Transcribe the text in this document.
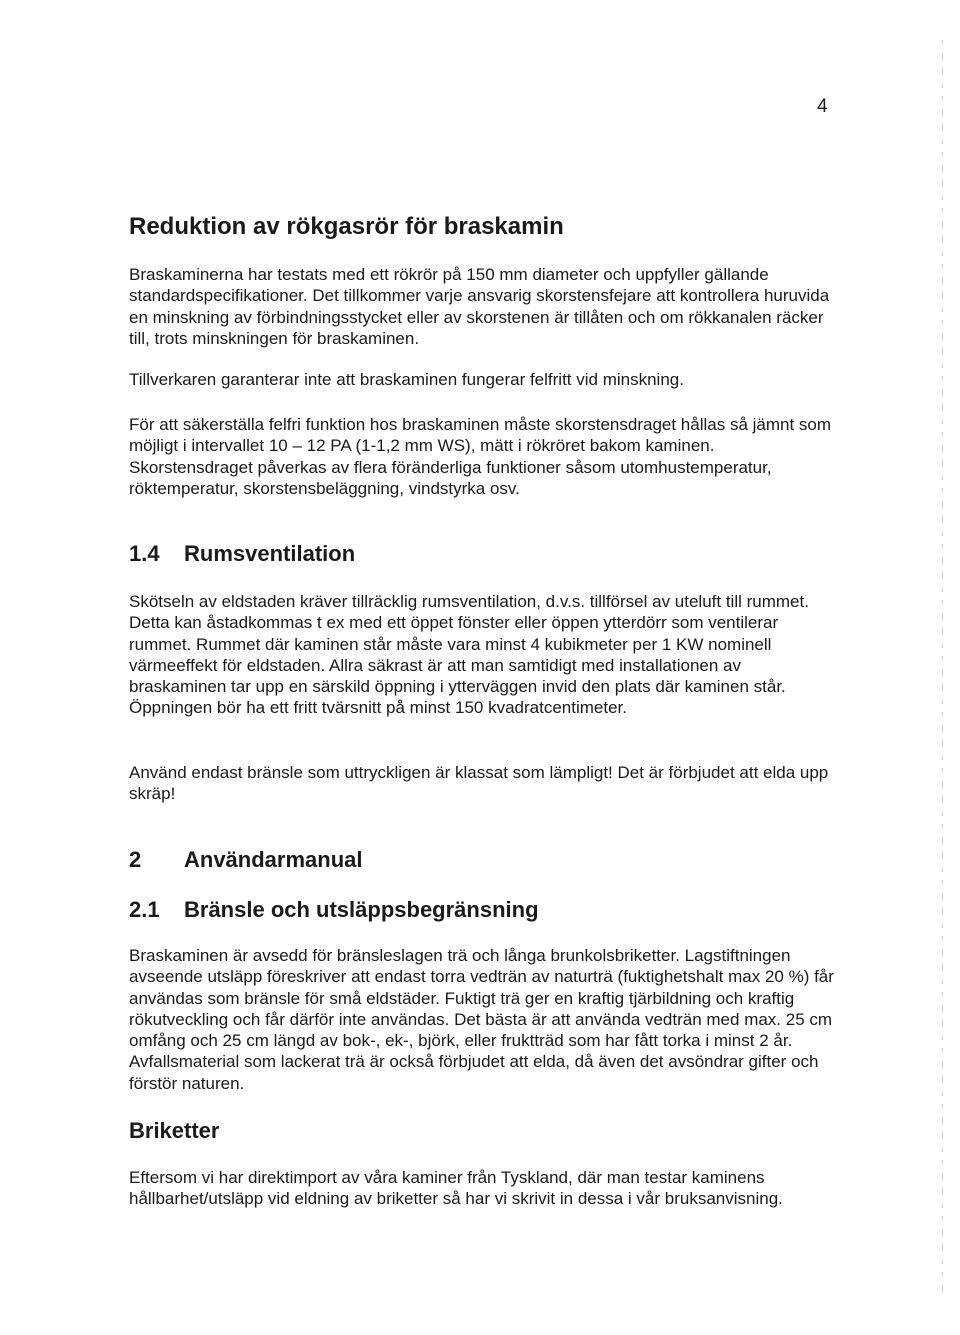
4

Reduktion av rökgasrör för braskamin

Braskaminerna har testats med ett rökrör på 150 mm diameter och uppfyller gällande standardspecifikationer. Det tillkommer varje ansvarig skorstensfejare att kontrollera huruvida en minskning av förbindningsstycket eller av skorstenen är tillåten och om rökkanalen räcker till, trots minskningen för braskaminen.

Tillverkaren garanterar inte att braskaminen fungerar felfritt vid minskning.

För att säkerställa felfri funktion hos braskaminen måste skorstensdraget hållas så jämnt som möjligt i intervallet 10 – 12 PA (1-1,2 mm WS), mätt i rökröret bakom kaminen. Skorstensdraget påverkas av flera föränderliga funktioner såsom utomhustemperatur, röktemperatur, skorstensbeläggning, vindstyrka osv.

1.4 Rumsventilation

Skötseln av eldstaden kräver tillräcklig rumsventilation, d.v.s. tillförsel av uteluft till rummet. Detta kan åstadkommas t ex med ett öppet fönster eller öppen ytterdörr som ventilerar rummet. Rummet där kaminen står måste vara minst 4 kubikmeter per 1 KW nominell värmeeffekt för eldstaden. Allra säkrast är att man samtidigt med installationen av braskaminen tar upp en särskild öppning i ytterväggen invid den plats där kaminen står. Öppningen bör ha ett fritt tvärsnitt på minst 150 kvadratcentimeter.

Använd endast bränsle som uttryckligen är klassat som lämpligt! Det är förbjudet att elda upp skräp!

2 Användarmanual
2.1 Bränsle och utsläppsbegränsning

Braskaminen är avsedd för bränsleslagen trä och långa brunkolsbriketter. Lagstiftningen avseende utsläpp föreskriver att endast torra vedträn av naturträ (fuktighetshalt max 20 %) får användas som bränsle för små eldstäder. Fuktigt trä ger en kraftig tjärbildning och kraftig rökutveckling och får därför inte användas. Det bästa är att använda vedträn med max. 25 cm omfång och 25 cm längd av bok-, ek-, björk, eller fruktträd som har fått torka i minst 2 år. Avfallsmaterial som lackerat trä är också förbjudet att elda, då även det avsöndrar gifter och förstör naturen.

Briketter

Eftersom vi har direktimport av våra kaminer från Tyskland, där man testar kaminens hållbarhet/utsläpp vid eldning av briketter så har vi skrivit in dessa i vår bruksanvisning.
